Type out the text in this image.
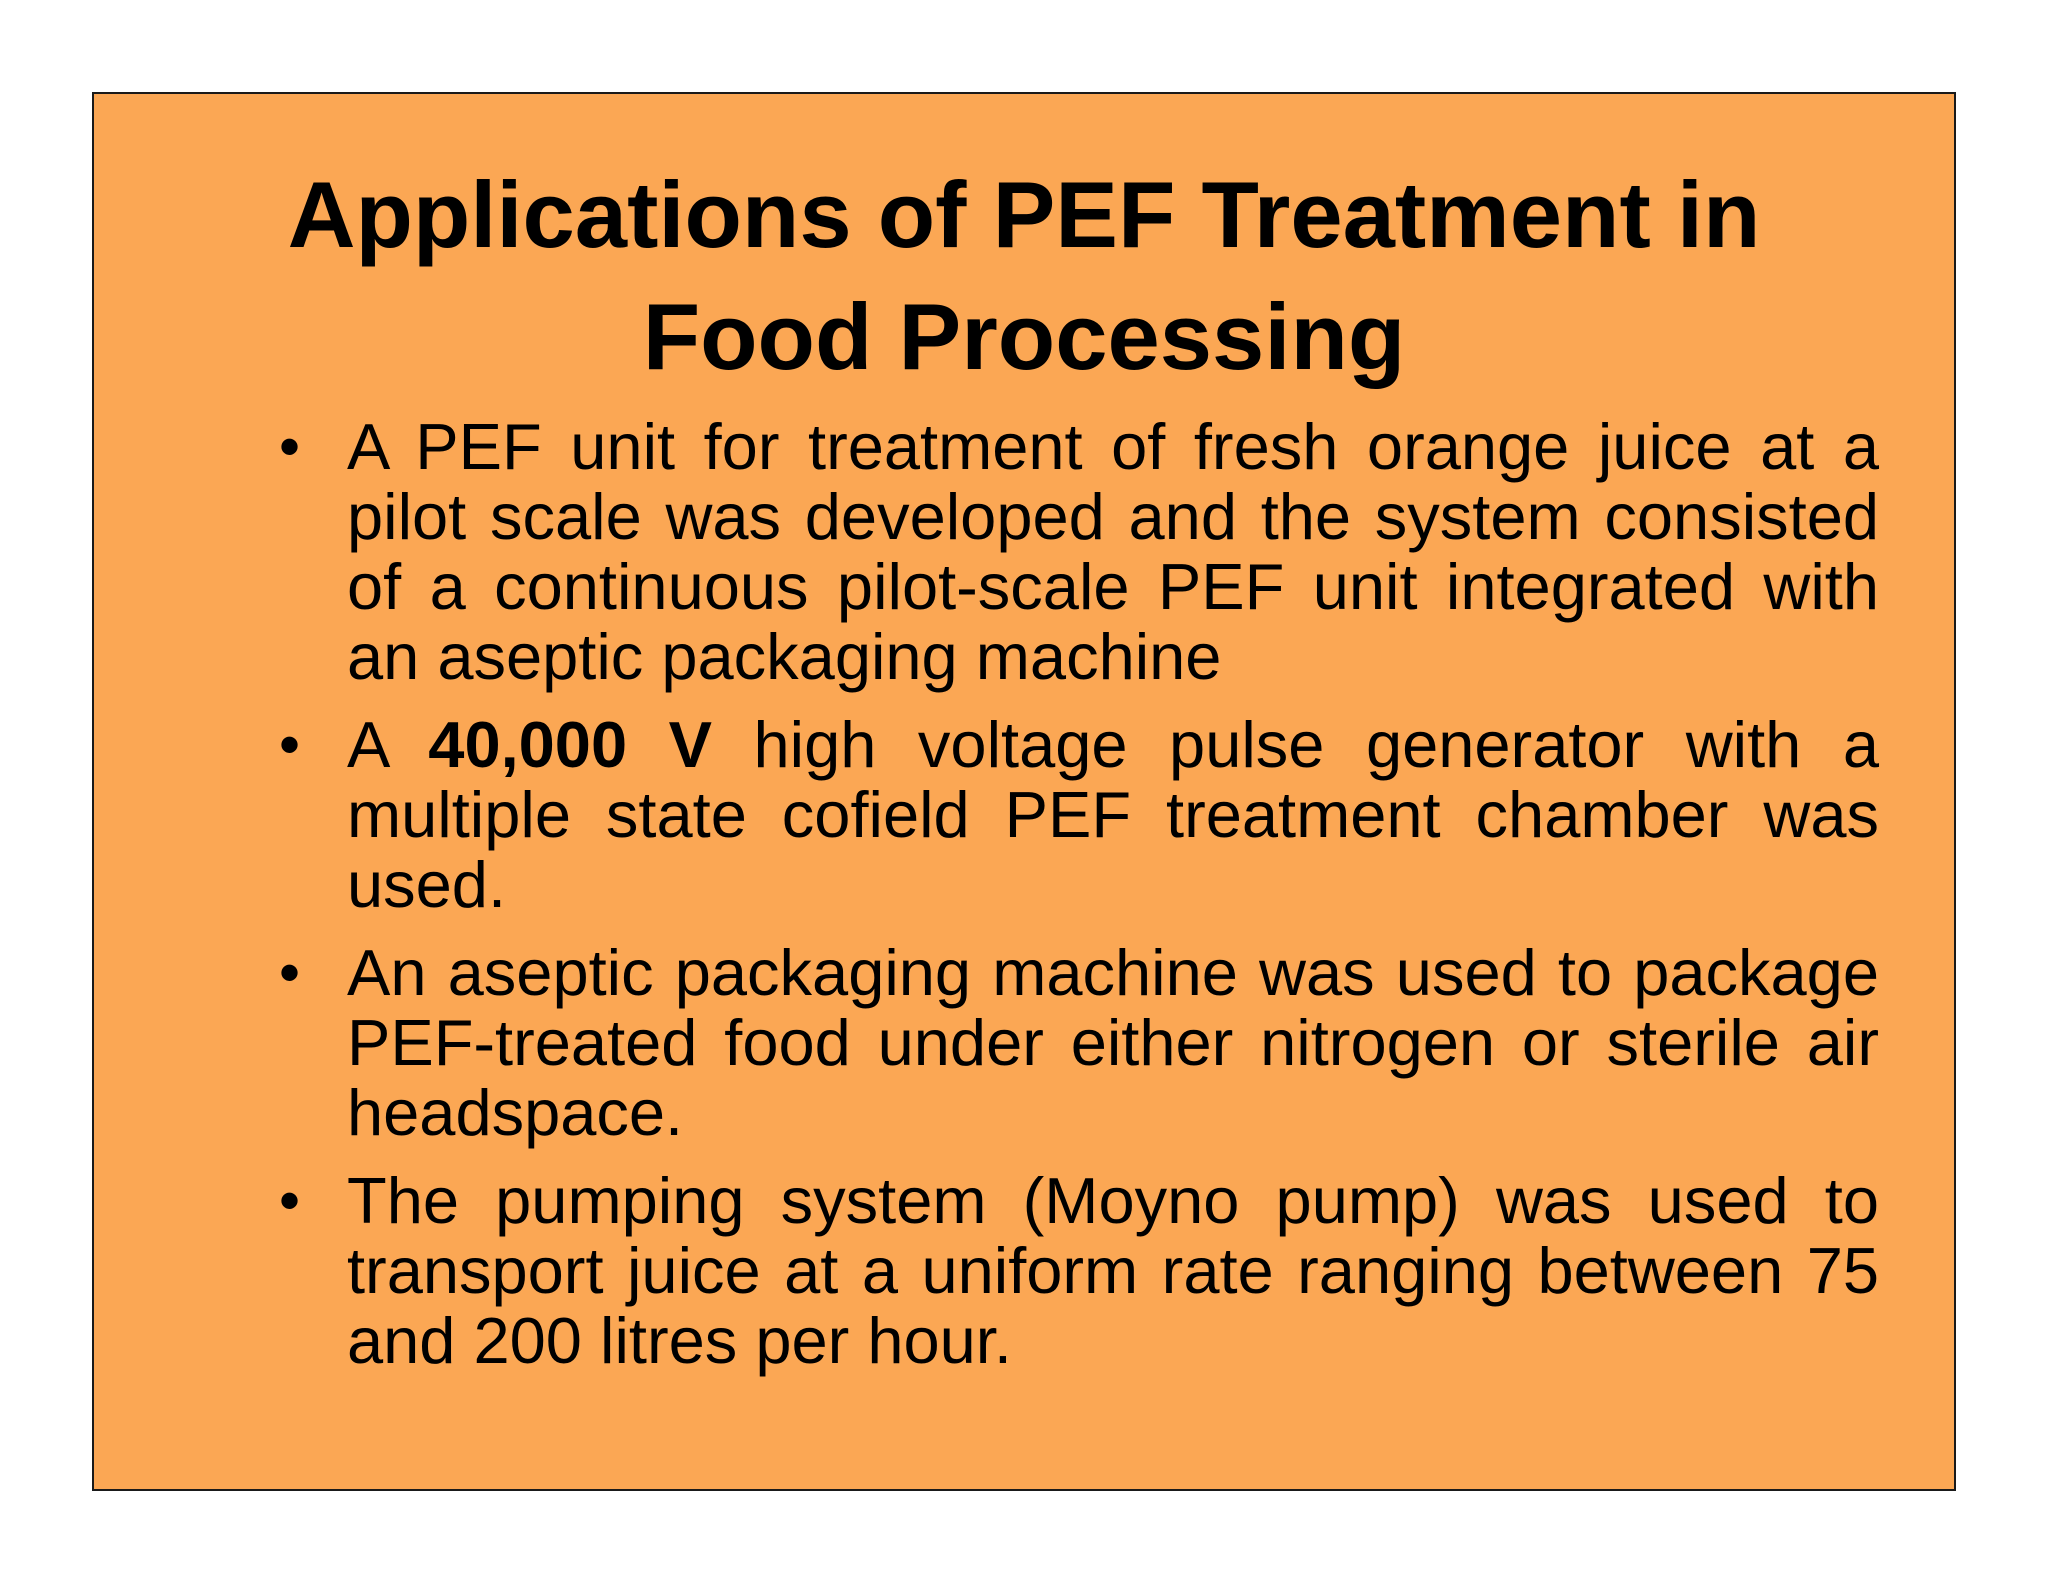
Applications of PEF Treatment in
Food Processing
• A PEF unit for treatment of fresh orange juice at a pilot scale was developed and the system consisted of a continuous pilot-scale PEF unit integrated with an aseptic packaging machine
• A 40,000 V high voltage pulse generator with a multiple state cofield PEF treatment chamber was used.
• An aseptic packaging machine was used to package PEF-treated food under either nitrogen or sterile air headspace.
• The pumping system (Moyno pump) was used to transport juice at a uniform rate ranging between 75 and 200 litres per hour.
